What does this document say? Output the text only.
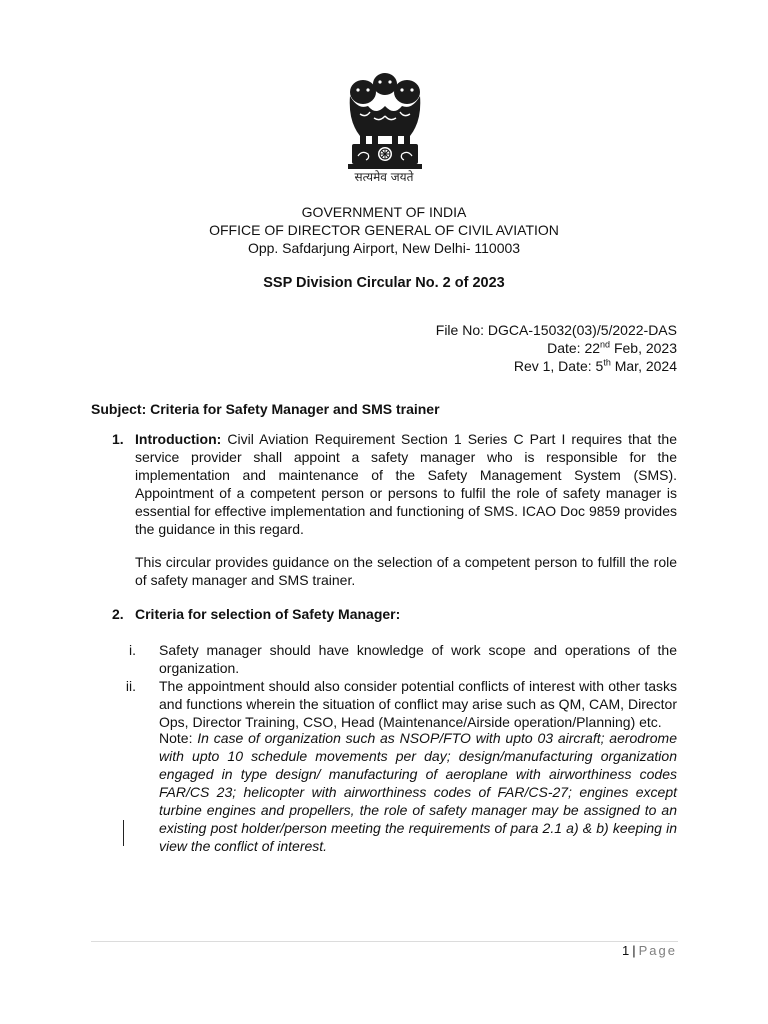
सत्यमेव जयते
GOVERNMENT OF INDIA
OFFICE OF DIRECTOR GENERAL OF CIVIL AVIATION
Opp. Safdarjung Airport, New Delhi- 110003
SSP Division Circular No. 2 of 2023
File No: DGCA-15032(03)/5/2022-DAS
Date: 22nd Feb, 2023
Rev 1, Date: 5th Mar, 2024
Subject: Criteria for Safety Manager and SMS trainer
1. Introduction: Civil Aviation Requirement Section 1 Series C Part I requires that the service provider shall appoint a safety manager who is responsible for the implementation and maintenance of the Safety Management System (SMS). Appointment of a competent person or persons to fulfil the role of safety manager is essential for effective implementation and functioning of SMS. ICAO Doc 9859 provides the guidance in this regard.
This circular provides guidance on the selection of a competent person to fulfill the role of safety manager and SMS trainer.
2. Criteria for selection of Safety Manager:
i. Safety manager should have knowledge of work scope and operations of the organization.
ii. The appointment should also consider potential conflicts of interest with other tasks and functions wherein the situation of conflict may arise such as QM, CAM, Director Ops, Director Training, CSO, Head (Maintenance/Airside operation/Planning) etc.
Note: In case of organization such as NSOP/FTO with upto 03 aircraft; aerodrome with upto 10 schedule movements per day; design/manufacturing organization engaged in type design/ manufacturing of aeroplane with airworthiness codes FAR/CS 23; helicopter with airworthiness codes of FAR/CS-27; engines except turbine engines and propellers, the role of safety manager may be assigned to an existing post holder/person meeting the requirements of para 2.1 a) & b) keeping in view the conflict of interest.
1 | Page
